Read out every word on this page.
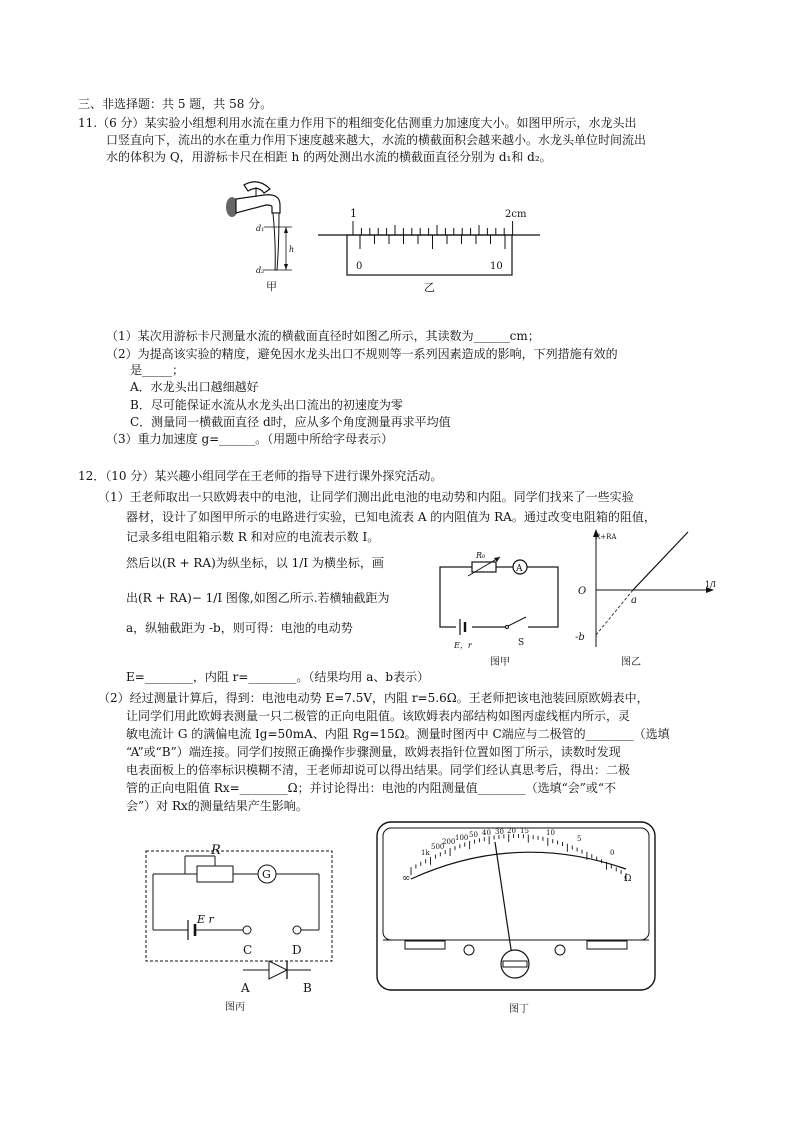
三、非选择题：共 5 题，共 58 分。
11.（6 分）某实验小组想利用水流在重力作用下的粗细变化估测重力加速度大小。如图甲所示，水龙头出
口竖直向下，流出的水在重力作用下速度越来越大，水流的横截面积会越来越小。水龙头单位时间流出
水的体积为 Q，用游标卡尺在相距 h 的两处测出水流的横截面直径分别为 d₁和 d₂。
d₁
h
d₂
甲
1	2cm
0	10
乙
（1）某次用游标卡尺测量水流的横截面直径时如图乙所示，其读数为______cm；
（2）为提高该实验的精度，避免因水龙头出口不规则等一系列因素造成的影响，下列措施有效的
是_____；
A．水龙头出口越细越好
B．尽可能保证水流从水龙头出口流出的初速度为零
C．测量同一横截面直径 d时，应从多个角度测量再求平均值
（3）重力加速度 g=______。（用题中所给字母表示）
12．（10 分）某兴趣小组同学在王老师的指导下进行课外探究活动。
（1）王老师取出一只欧姆表中的电池，让同学们测出此电池的电动势和内阻。同学们找来了一些实验
器材，设计了如图甲所示的电路进行实验，已知电流表 A 的内阻值为 RA。通过改变电阻箱的阻值，
记录多组电阻箱示数 R 和对应的电流表示数 I。
然后以(R + RA)为纵坐标，以 1/I 为横坐标，画
出(R + RA)− 1/I 图像,如图乙所示.若横轴截距为
a，纵轴截距为 -b，则可得：电池的电动势
E=________，内阻 r=________。（结果均用 a、b表示）
R₀
A
E，r	S
图甲
R+RA
1/I
O
a
-b
图乙
（2）经过测量计算后，得到：电池电动势 E=7.5V，内阻 r=5.6Ω。王老师把该电池装回原欧姆表中，
让同学们用此欧姆表测量一只二极管的正向电阻值。该欧姆表内部结构如图丙虚线框内所示，灵
敏电流计 G 的满偏电流 Ig=50mA、内阻 Rg=15Ω。测量时图丙中 C端应与二极管的________（选填
“A”或“B”）端连接。同学们按照正确操作步骤测量，欧姆表指针位置如图丁所示，读数时发现
电表面板上的倍率标识模糊不清，王老师却说可以得出结果。同学们经认真思考后，得出：二极
管的正向电阻值 Rx=________Ω；并讨论得出：电池的内阻测量值________（选填“会”或“不
会”）对 Rx的测量结果产生影响。
G
R
E r
C	D
A	B
图丙
1k
500
200 100 50 40 30 20 15 10
5
0
∞	Ω
图丁
